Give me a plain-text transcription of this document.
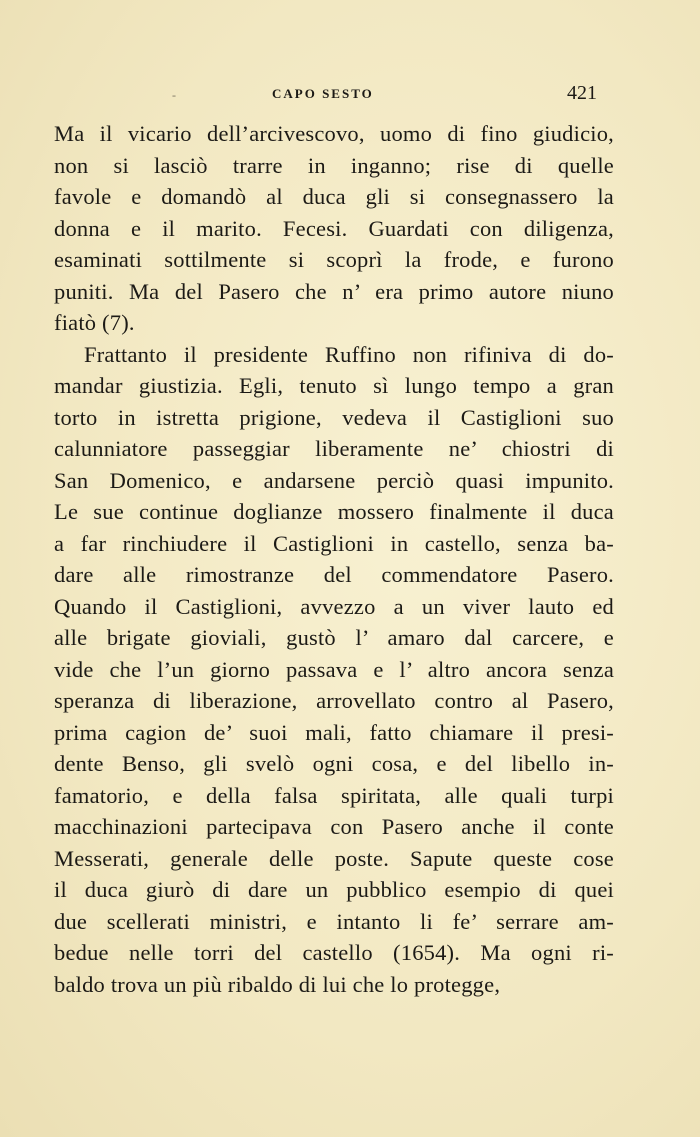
-	CAPO SESTO	421
Ma il vicario dell’arcivescovo, uomo di fino giudicio,
non si lasciò trarre in inganno; rise di quelle
favole e domandò al duca gli si consegnassero la
donna e il marito. Fecesi. Guardati con diligenza,
esaminati sottilmente si scoprì la frode, e furono
puniti. Ma del Pasero che n’ era primo autore niuno
fiatò (7).
Frattanto il presidente Ruffino non rifiniva di do-
mandar giustizia. Egli, tenuto sì lungo tempo a gran
torto in istretta prigione, vedeva il Castiglioni suo
calunniatore passeggiar liberamente ne’ chiostri di
San Domenico, e andarsene perciò quasi impunito.
Le sue continue doglianze mossero finalmente il duca
a far rinchiudere il Castiglioni in castello, senza ba-
dare alle rimostranze del commendatore Pasero.
Quando il Castiglioni, avvezzo a un viver lauto ed
alle brigate gioviali, gustò l’ amaro dal carcere, e
vide che l’un giorno passava e l’ altro ancora senza
speranza di liberazione, arrovellato contro al Pasero,
prima cagion de’ suoi mali, fatto chiamare il presi-
dente Benso, gli svelò ogni cosa, e del libello in-
famatorio, e della falsa spiritata, alle quali turpi
macchinazioni partecipava con Pasero anche il conte
Messerati, generale delle poste. Sapute queste cose
il duca giurò di dare un pubblico esempio di quei
due scellerati ministri, e intanto li fe’ serrare am-
bedue nelle torri del castello (1654). Ma ogni ri-
baldo trova un più ribaldo di lui che lo protegge,
